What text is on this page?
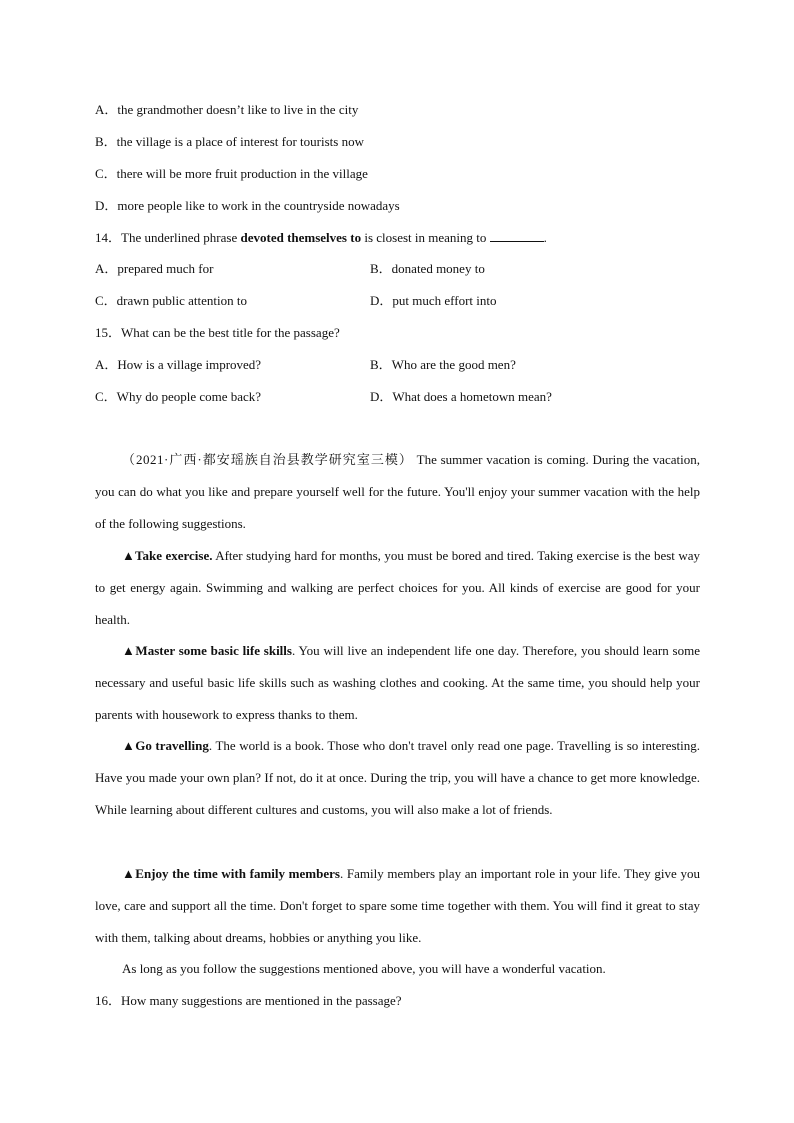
A．the grandmother doesn’t like to live in the city
B．the village is a place of interest for tourists now
C．there will be more fruit production in the village
D．more people like to work in the countryside nowadays
14．The underlined phrase devoted themselves to is closest in meaning to	.
A．prepared much for	B．donated money to
C．drawn public attention to	D．put much effort into
15．What can be the best title for the passage?
A．How is a village improved?	B．Who are the good men?
C．Why do people come back?	D．What does a hometown mean?
（2021·广西·都安瑶族自治县教学研究室三模） The summer vacation is coming. During the vacation, you can do what you like and prepare yourself well for the future. You'll enjoy your summer vacation with the help of the following suggestions.
▲Take exercise. After studying hard for months, you must be bored and tired. Taking exercise is the best way to get energy again. Swimming and walking are perfect choices for you. All kinds of exercise are good for your health.
▲Master some basic life skills. You will live an independent life one day. Therefore, you should learn some necessary and useful basic life skills such as washing clothes and cooking. At the same time, you should help your parents with housework to express thanks to them.
▲Go travelling. The world is a book. Those who don't travel only read one page. Travelling is so interesting. Have you made your own plan? If not, do it at once. During the trip, you will have a chance to get more knowledge. While learning about different cultures and customs, you will also make a lot of friends.
▲Enjoy the time with family members. Family members play an important role in your life. They give you love, care and support all the time. Don't forget to spare some time together with them. You will find it great to stay with them, talking about dreams, hobbies or anything you like.
As long as you follow the suggestions mentioned above, you will have a wonderful vacation.
16．How many suggestions are mentioned in the passage?
